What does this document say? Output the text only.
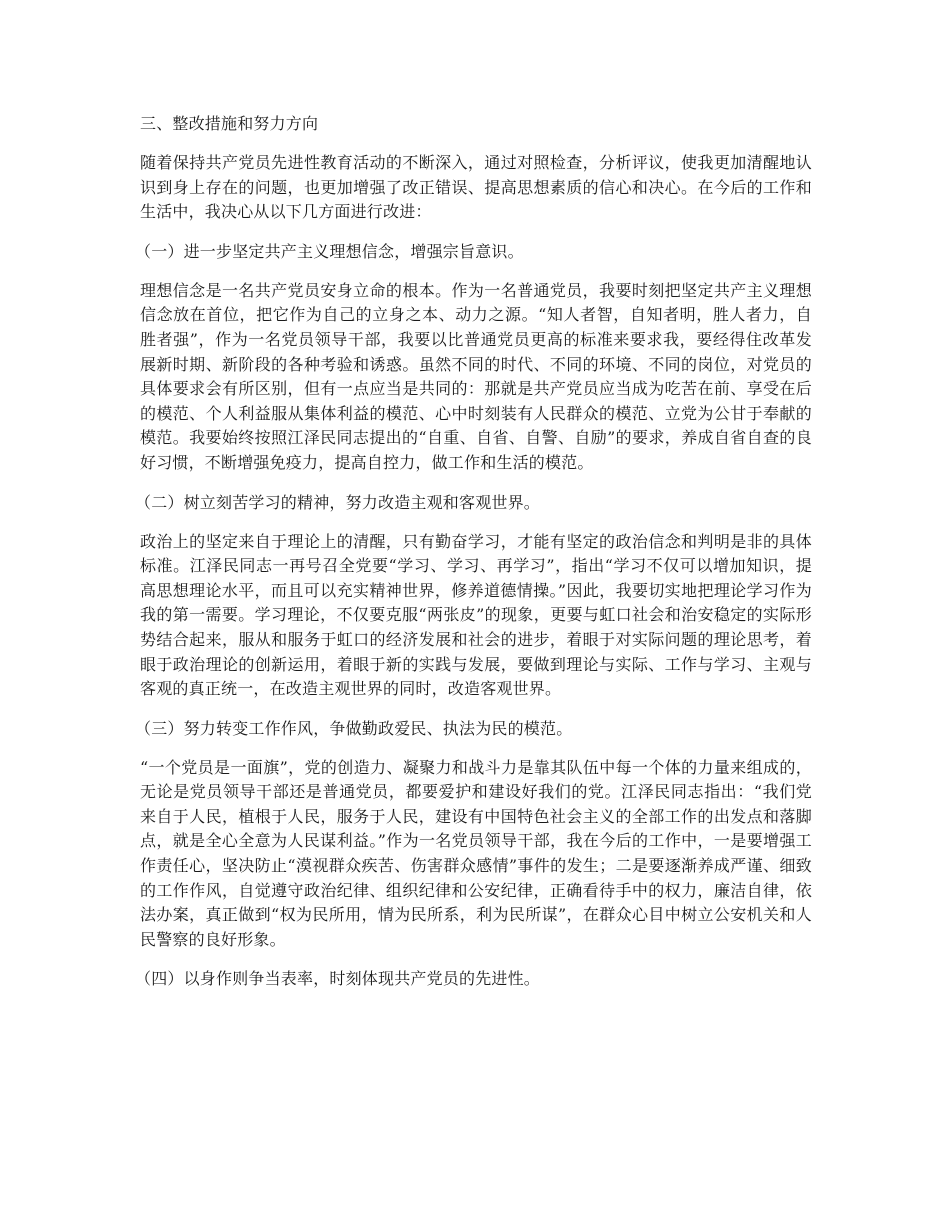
三、整改措施和努力方向
随着保持共产党员先进性教育活动的不断深入，通过对照检查，分析评议，使我更加清醒地认识到身上存在的问题，也更加增强了改正错误、提高思想素质的信心和决心。在今后的工作和生活中，我决心从以下几方面进行改进：
（一）进一步坚定共产主义理想信念，增强宗旨意识。
理想信念是一名共产党员安身立命的根本。作为一名普通党员，我要时刻把坚定共产主义理想信念放在首位，把它作为自己的立身之本、动力之源。“知人者智，自知者明，胜人者力，自胜者强”，作为一名党员领导干部，我要以比普通党员更高的标准来要求我，要经得住改革发展新时期、新阶段的各种考验和诱惑。虽然不同的时代、不同的环境、不同的岗位，对党员的具体要求会有所区别，但有一点应当是共同的：那就是共产党员应当成为吃苦在前、享受在后的模范、个人利益服从集体利益的模范、心中时刻装有人民群众的模范、立党为公甘于奉献的模范。我要始终按照江泽民同志提出的“自重、自省、自警、自励”的要求，养成自省自查的良好习惯，不断增强免疫力，提高自控力，做工作和生活的模范。
（二）树立刻苦学习的精神，努力改造主观和客观世界。
政治上的坚定来自于理论上的清醒，只有勤奋学习，才能有坚定的政治信念和判明是非的具体标准。江泽民同志一再号召全党要“学习、学习、再学习”，指出“学习不仅可以增加知识，提高思想理论水平，而且可以充实精神世界，修养道德情操。”因此，我要切实地把理论学习作为我的第一需要。学习理论，不仅要克服“两张皮”的现象，更要与虹口社会和治安稳定的实际形势结合起来，服从和服务于虹口的经济发展和社会的进步，着眼于对实际问题的理论思考，着眼于政治理论的创新运用，着眼于新的实践与发展，要做到理论与实际、工作与学习、主观与客观的真正统一，在改造主观世界的同时，改造客观世界。
（三）努力转变工作作风，争做勤政爱民、执法为民的模范。
“一个党员是一面旗”，党的创造力、凝聚力和战斗力是靠其队伍中每一个体的力量来组成的，无论是党员领导干部还是普通党员，都要爱护和建设好我们的党。江泽民同志指出：“我们党来自于人民，植根于人民，服务于人民，建设有中国特色社会主义的全部工作的出发点和落脚点，就是全心全意为人民谋利益。”作为一名党员领导干部，我在今后的工作中，一是要增强工作责任心，坚决防止“漠视群众疾苦、伤害群众感情”事件的发生；二是要逐渐养成严谨、细致的工作作风，自觉遵守政治纪律、组织纪律和公安纪律，正确看待手中的权力，廉洁自律，依法办案，真正做到“权为民所用，情为民所系，利为民所谋”，在群众心目中树立公安机关和人民警察的良好形象。
（四）以身作则争当表率，时刻体现共产党员的先进性。
